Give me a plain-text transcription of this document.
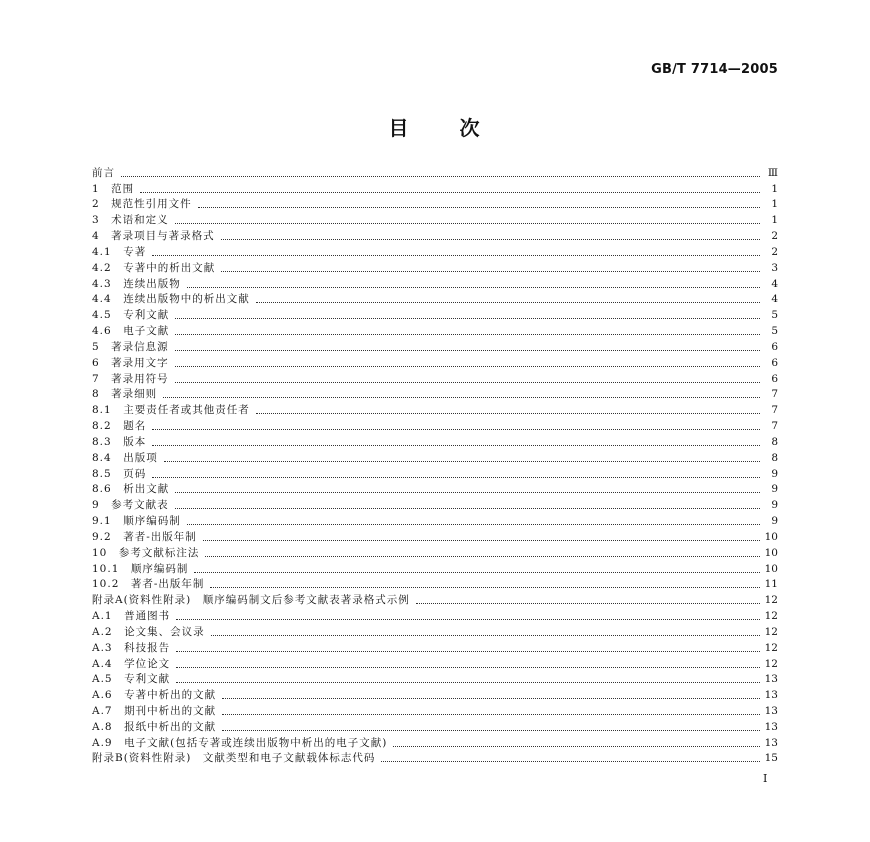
GB/T 7714—2005
目 次
前言	Ⅲ
1　范围	1
2　规范性引用文件	1
3　术语和定义	1
4　著录项目与著录格式	2
4.1　专著	2
4.2　专著中的析出文献	3
4.3　连续出版物	4
4.4　连续出版物中的析出文献	4
4.5　专利文献	5
4.6　电子文献	5
5　著录信息源	6
6　著录用文字	6
7　著录用符号	6
8　著录细则	7
8.1　主要责任者或其他责任者	7
8.2　题名	7
8.3　版本	8
8.4　出版项	8
8.5　页码	9
8.6　析出文献	9
9　参考文献表	9
9.1　顺序编码制	9
9.2　著者-出版年制	10
10　参考文献标注法	10
10.1　顺序编码制	10
10.2　著者-出版年制	11
附录A(资料性附录)　顺序编码制文后参考文献表著录格式示例	12
A.1　普通图书	12
A.2　论文集、会议录	12
A.3　科技报告	12
A.4　学位论文	12
A.5　专利文献	13
A.6　专著中析出的文献	13
A.7　期刊中析出的文献	13
A.8　报纸中析出的文献	13
A.9　电子文献(包括专著或连续出版物中析出的电子文献)	13
附录B(资料性附录)　文献类型和电子文献载体标志代码	15
I
